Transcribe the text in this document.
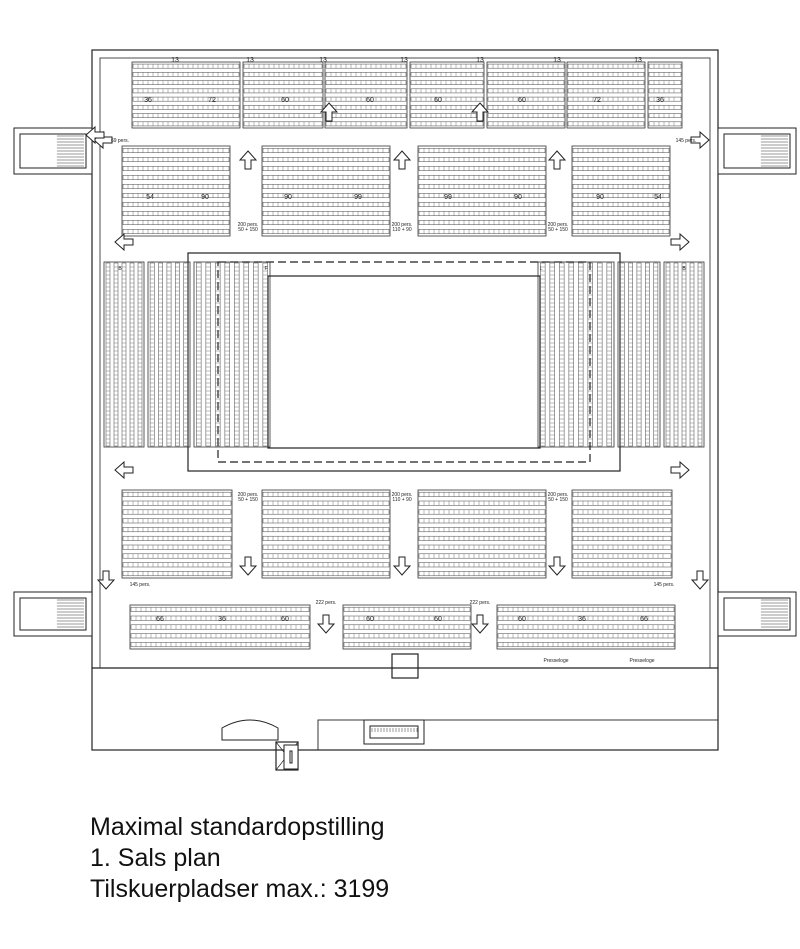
13	13	13	13	13	13	13
36	72	60	60	60	60	72	36
54	90	90	99	99	90	90	54
200 pers. 50 + 150
200 pers. 110 + 90
200 pers. 50 + 150
200 pers. 50 + 150
200 pers. 110 + 90
200 pers. 50 + 150
69 pers.	145 pers.
145 pers.	145 pers.
222 pers.	222 pers.
66	36	60	60	60	60	36	66
Presseloge	Presseloge
B	F	L	B
Maximal standardopstilling
1. Sals plan
Tilskuerpladser max.: 3199
